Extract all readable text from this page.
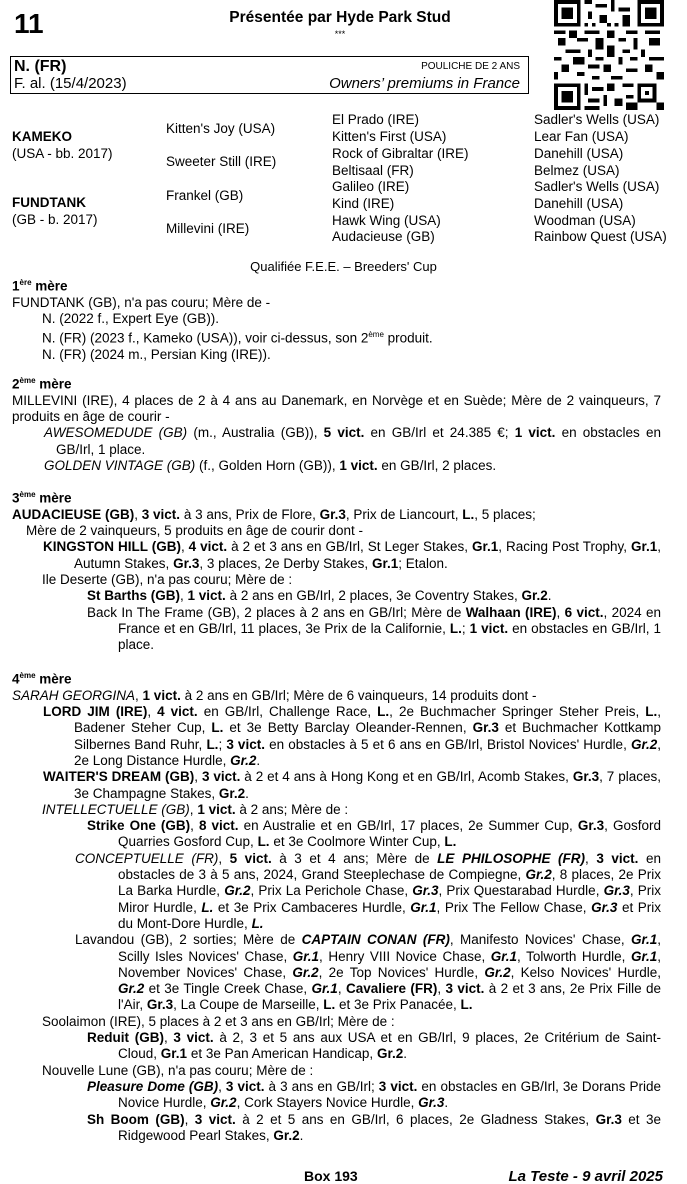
11	Présentée par Hyde Park Stud
***
N. (FR)
F. al. (15/4/2023)
POULICHE DE 2 ANS
Owners’ premiums in France
KAMEKO
(USA - bb. 2017)
FUNDTANK
(GB - b. 2017)
Kitten's Joy (USA)
Sweeter Still (IRE)
Frankel (GB)
Millevini (IRE)
El Prado (IRE)
Kitten's First (USA)
Rock of Gibraltar (IRE)
Beltisaal (FR)
Galileo (IRE)
Kind (IRE)
Hawk Wing (USA)
Audacieuse (GB)
Sadler's Wells (USA)
Lear Fan (USA)
Danehill (USA)
Belmez (USA)
Sadler's Wells (USA)
Danehill (USA)
Woodman (USA)
Rainbow Quest (USA)
Qualifiée F.E.E. – Breeders' Cup
1ère mère

FUNDTANK (GB), n'a pas couru; Mère de -

N. (2022 f., Expert Eye (GB)).

N. (FR) (2023 f., Kameko (USA)), voir ci-dessus, son 2ème produit.

N. (FR) (2024 m., Persian King (IRE)).

2ème mère

MILLEVINI (IRE), 4 places de 2 à 4 ans au Danemark, en Norvège et en Suède; Mère de 2 vainqueurs, 7 produits en âge de courir -

AWESOMEDUDE (GB) (m., Australia (GB)), 5 vict. en GB/Irl et 24.385 €; 1 vict. en obstacles en GB/Irl, 1 place.

GOLDEN VINTAGE (GB) (f., Golden Horn (GB)), 1 vict. en GB/Irl, 2 places.

3ème mère

AUDACIEUSE (GB), 3 vict. à 3 ans, Prix de Flore, Gr.3, Prix de Liancourt, L., 5 places;
Mère de 2 vainqueurs, 5 produits en âge de courir dont -

KINGSTON HILL (GB), 4 vict. à 2 et 3 ans en GB/Irl, St Leger Stakes, Gr.1, Racing Post Trophy, Gr.1, Autumn Stakes, Gr.3, 3 places, 2e Derby Stakes, Gr.1; Etalon.

Ile Deserte (GB), n'a pas couru; Mère de :

St Barths (GB), 1 vict. à 2 ans en GB/Irl, 2 places, 3e Coventry Stakes, Gr.2.

Back In The Frame (GB), 2 places à 2 ans en GB/Irl; Mère de Walhaan (IRE), 6 vict., 2024 en France et en GB/Irl, 11 places, 3e Prix de la Californie, L.; 1 vict. en obstacles en GB/Irl, 1 place.

4ème mère

SARAH GEORGINA, 1 vict. à 2 ans en GB/Irl; Mère de 6 vainqueurs, 14 produits dont -

LORD JIM (IRE), 4 vict. en GB/Irl, Challenge Race, L., 2e Buchmacher Springer Steher Preis, L., Badener Steher Cup, L. et 3e Betty Barclay Oleander-Rennen, Gr.3 et Buchmacher Kottkamp Silbernes Band Ruhr, L.; 3 vict. en obstacles à 5 et 6 ans en GB/Irl, Bristol Novices' Hurdle, Gr.2, 2e Long Distance Hurdle, Gr.2.

WAITER'S DREAM (GB), 3 vict. à 2 et 4 ans à Hong Kong et en GB/Irl, Acomb Stakes, Gr.3, 7 places, 3e Champagne Stakes, Gr.2.

INTELLECTUELLE (GB), 1 vict. à 2 ans; Mère de :

Strike One (GB), 8 vict. en Australie et en GB/Irl, 17 places, 2e Summer Cup, Gr.3, Gosford Quarries Gosford Cup, L. et 3e Coolmore Winter Cup, L.

CONCEPTUELLE (FR), 5 vict. à 3 et 4 ans; Mère de LE PHILOSOPHE (FR), 3 vict. en obstacles de 3 à 5 ans, 2024, Grand Steeplechase de Compiegne, Gr.2, 8 places, 2e Prix La Barka Hurdle, Gr.2, Prix La Perichole Chase, Gr.3, Prix Questarabad Hurdle, Gr.3, Prix Miror Hurdle, L. et 3e Prix Cambaceres Hurdle, Gr.1, Prix The Fellow Chase, Gr.3 et Prix du Mont-Dore Hurdle, L.

Lavandou (GB), 2 sorties; Mère de CAPTAIN CONAN (FR), Manifesto Novices' Chase, Gr.1, Scilly Isles Novices' Chase, Gr.1, Henry VIII Novice Chase, Gr.1, Tolworth Hurdle, Gr.1, November Novices' Chase, Gr.2, 2e Top Novices' Hurdle, Gr.2, Kelso Novices' Hurdle, Gr.2 et 3e Tingle Creek Chase, Gr.1, Cavaliere (FR), 3 vict. à 2 et 3 ans, 2e Prix Fille de l'Air, Gr.3, La Coupe de Marseille, L. et 3e Prix Panacée, L.

Soolaimon (IRE), 5 places à 2 et 3 ans en GB/Irl; Mère de :

Reduit (GB), 3 vict. à 2, 3 et 5 ans aux USA et en GB/Irl, 9 places, 2e Critérium de Saint-Cloud, Gr.1 et 3e Pan American Handicap, Gr.2.

Nouvelle Lune (GB), n'a pas couru; Mère de :

Pleasure Dome (GB), 3 vict. à 3 ans en GB/Irl; 3 vict. en obstacles en GB/Irl, 3e Dorans Pride Novice Hurdle, Gr.2, Cork Stayers Novice Hurdle, Gr.3.

Sh Boom (GB), 3 vict. à 2 et 5 ans en GB/Irl, 6 places, 2e Gladness Stakes, Gr.3 et 3e Ridgewood Pearl Stakes, Gr.2.

Box 193	La Teste - 9 avril 2025
